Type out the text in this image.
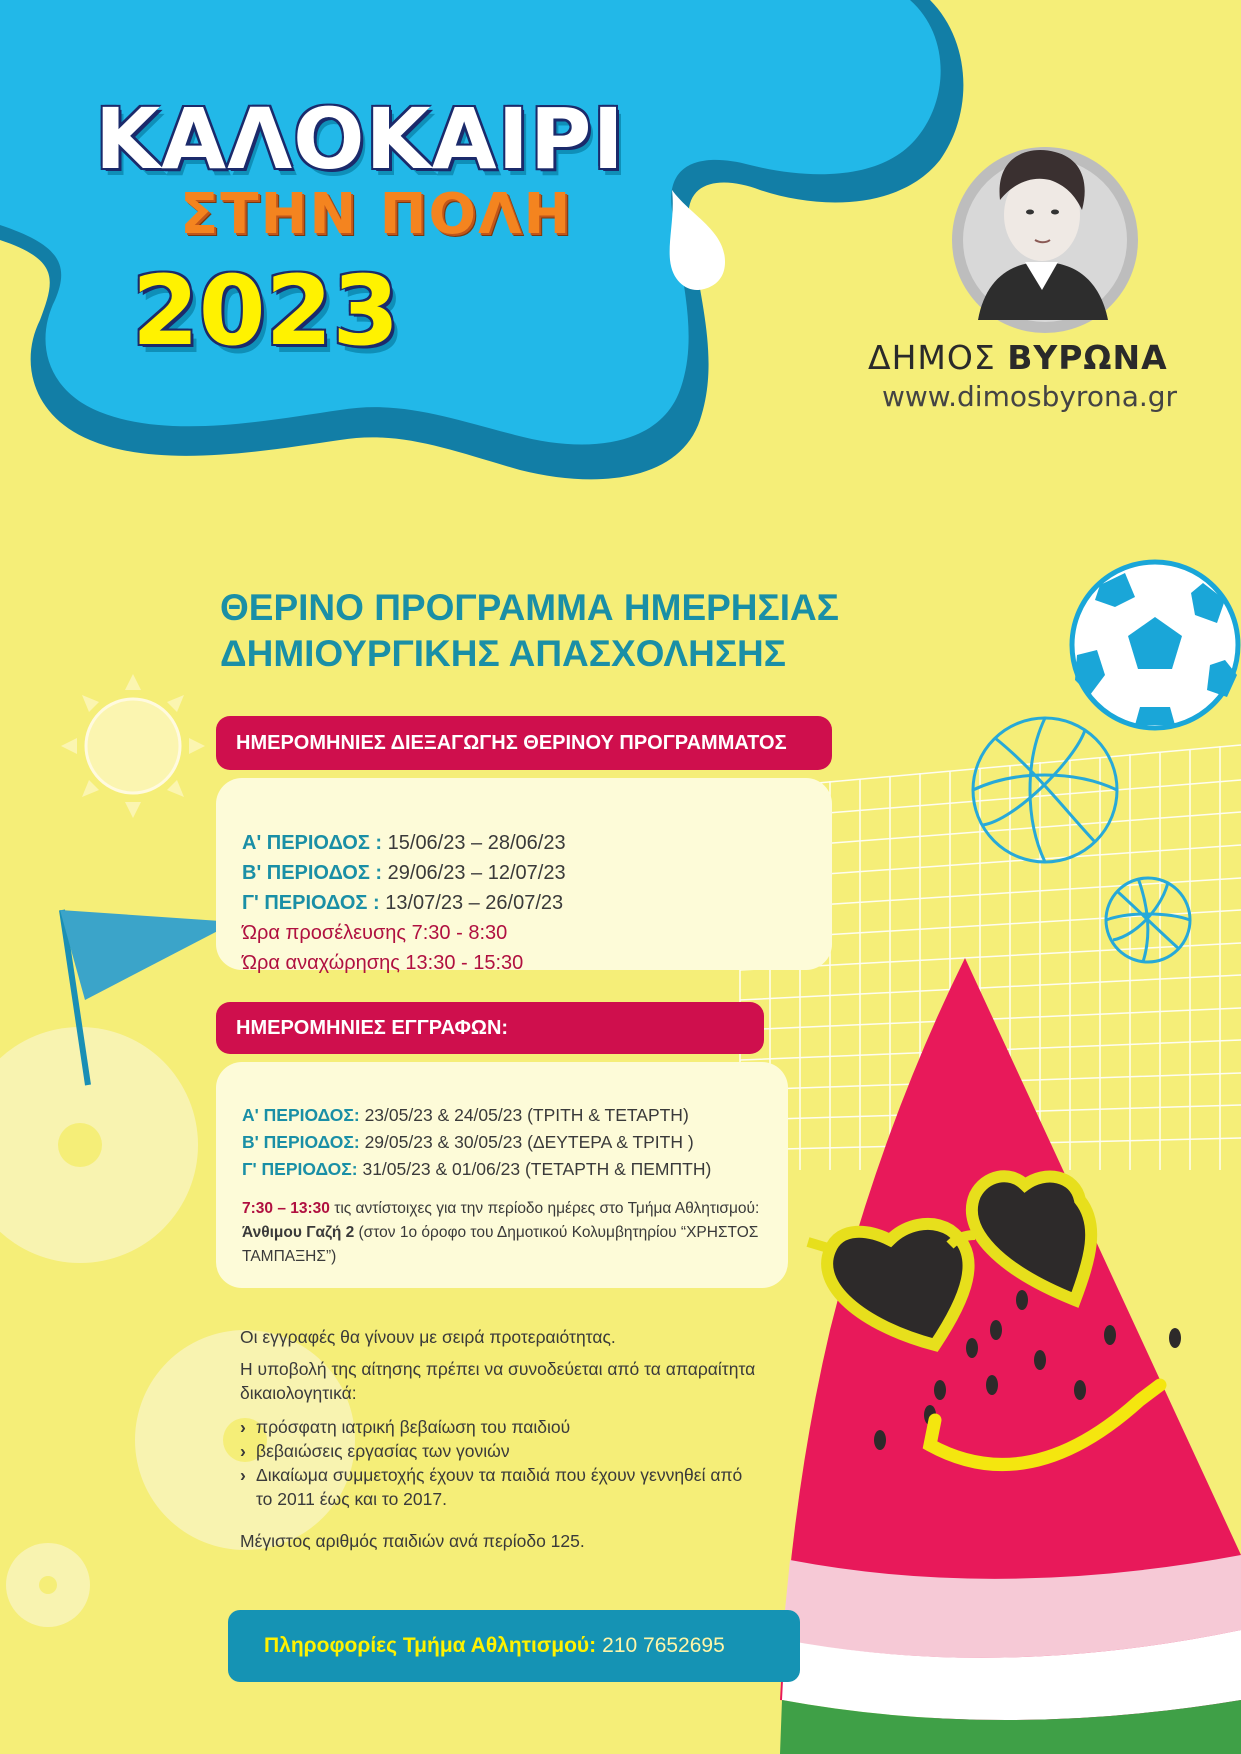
ΚΑΛΟΚΑΙΡΙ
ΣΤΗΝ ΠΟΛΗ
2023	ΔΗΜΟΣ ΒΥΡΩΝΑ
www.dimosbyrona.gr
ΘΕΡΙΝΟ ΠΡΟΓΡΑΜΜΑ ΗΜΕΡΗΣΙΑΣ
ΔΗΜΙΟΥΡΓΙΚΗΣ ΑΠΑΣΧΟΛΗΣΗΣ
Α' ΠΕΡΙΟΔΟΣ : 15/06/23 – 28/06/23
Β' ΠΕΡΙΟΔΟΣ : 29/06/23 – 12/07/23
Γ' ΠΕΡΙΟΔΟΣ : 13/07/23 – 26/07/23
Ώρα προσέλευσης 7:30 - 8:30
Ώρα αναχώρησης 13:30 - 15:30
ΗΜΕΡΟΜΗΝΙΕΣ ΔΙΕΞΑΓΩΓΗΣ ΘΕΡΙΝΟΥ ΠΡΟΓΡΑΜΜΑΤΟΣ
Α' ΠΕΡΙΟΔΟΣ: 23/05/23 & 24/05/23 (ΤΡΙΤΗ & ΤΕΤΑΡΤΗ)
Β' ΠΕΡΙΟΔΟΣ: 29/05/23 & 30/05/23 (ΔΕΥΤΕΡΑ & ΤΡΙΤΗ )
Γ' ΠΕΡΙΟΔΟΣ: 31/05/23 & 01/06/23 (ΤΕΤΑΡΤΗ & ΠΕΜΠΤΗ)
7:30 – 13:30 τις αντίστοιχες για την περίοδο ημέρες στο Τμήμα Αθλητισμού: Άνθιμου Γαζή 2 (στον 1ο όροφο του Δημοτικού Κολυμβητηρίου “ΧΡΗΣΤΟΣ ΤΑΜΠΑΞΗΣ”)
ΗΜΕΡΟΜΗΝΙΕΣ ΕΓΓΡΑΦΩΝ:

Οι εγγραφές θα γίνουν με σειρά προτεραιότητας.

Η υποβολή της αίτησης πρέπει να συνοδεύεται από τα απαραίτητα δικαιολογητικά:

› πρόσφατη ιατρική βεβαίωση του παιδιού
› βεβαιώσεις εργασίας των γονιών
› Δικαίωμα συμμετοχής έχουν τα παιδιά που έχουν γεννηθεί από το 2011 έως και το 2017.

Μέγιστος αριθμός παιδιών ανά περίοδο 125.

Πληροφορίες Τμήμα Αθλητισμού: 210 7652695
